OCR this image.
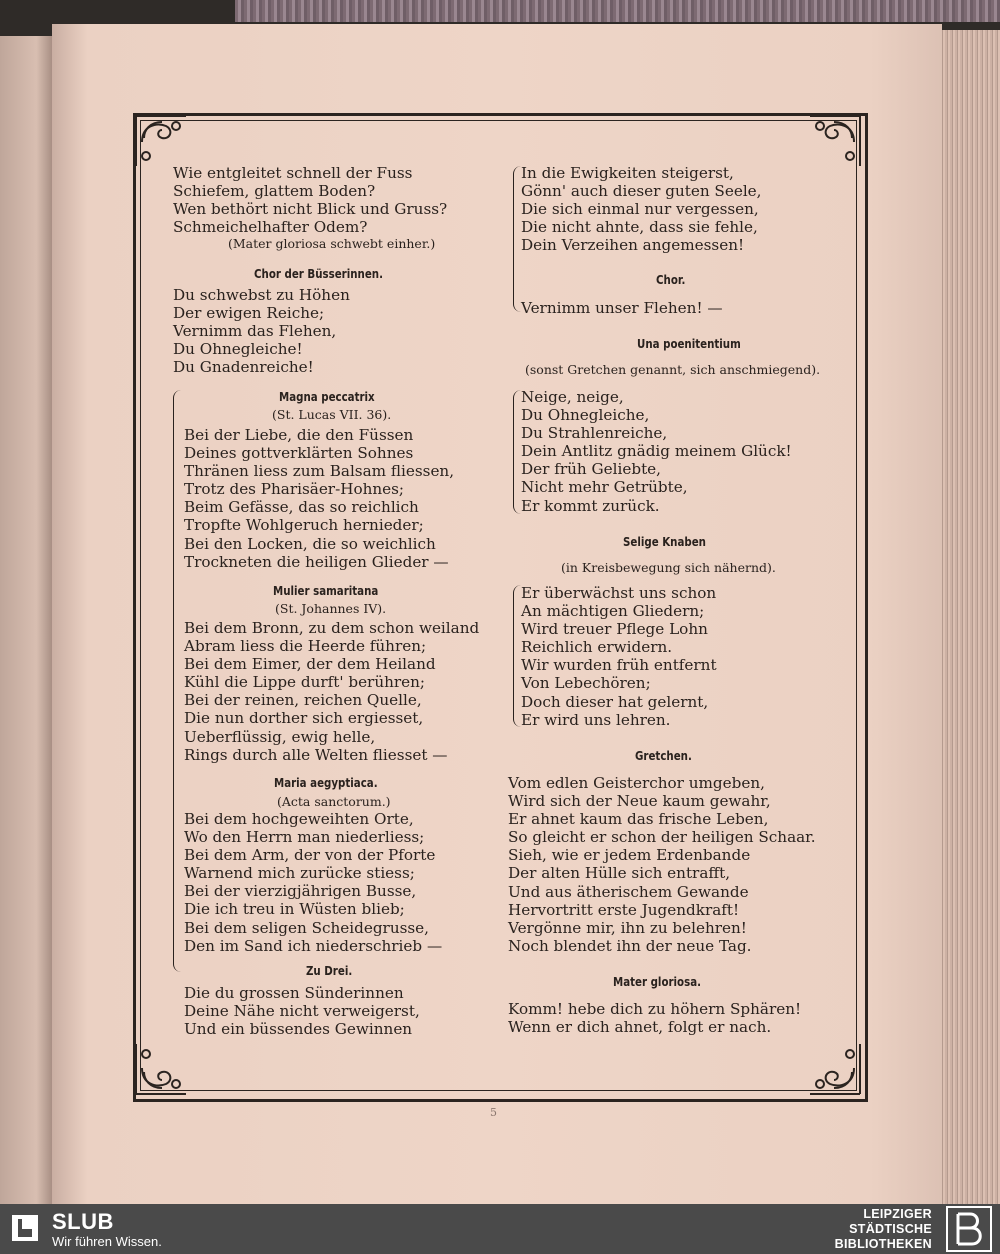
Wie entgleitet schnell der Fuss
Schiefem, glattem Boden?
Wen bethört nicht Blick und Gruss?
Schmeichelhafter Odem?
(Mater gloriosa schwebt einher.)
Chor der Büsserinnen.
Du schwebst zu Höhen
Der ewigen Reiche;
Vernimm das Flehen,
Du Ohnegleiche!
Du Gnadenreiche!
Magna peccatrix
(St. Lucas VII. 36).
Bei der Liebe, die den Füssen
Deines gottverklärten Sohnes
Thränen liess zum Balsam fliessen,
Trotz des Pharisäer-Hohnes;
Beim Gefässe, das so reichlich
Tropfte Wohlgeruch hernieder;
Bei den Locken, die so weichlich
Trockneten die heiligen Glieder —
Mulier samaritana
(St. Johannes IV).
Bei dem Bronn, zu dem schon weiland
Abram liess die Heerde führen;
Bei dem Eimer, der dem Heiland
Kühl die Lippe durft' berühren;
Bei der reinen, reichen Quelle,
Die nun dorther sich ergiesset,
Ueberflüssig, ewig helle,
Rings durch alle Welten fliesset —
Maria aegyptiaca.
(Acta sanctorum.)
Bei dem hochgeweihten Orte,
Wo den Herrn man niederliess;
Bei dem Arm, der von der Pforte
Warnend mich zurücke stiess;
Bei der vierzigjährigen Busse,
Die ich treu in Wüsten blieb;
Bei dem seligen Scheidegrusse,
Den im Sand ich niederschrieb —
Zu Drei.
Die du grossen Sünderinnen
Deine Nähe nicht verweigerst,
Und ein büssendes Gewinnen
In die Ewigkeiten steigerst,
Gönn' auch dieser guten Seele,
Die sich einmal nur vergessen,
Die nicht ahnte, dass sie fehle,
Dein Verzeihen angemessen!
Chor.
Vernimm unser Flehen! —
Una poenitentium
(sonst Gretchen genannt, sich anschmiegend).
Neige, neige,
Du Ohnegleiche,
Du Strahlenreiche,
Dein Antlitz gnädig meinem Glück!
Der früh Geliebte,
Nicht mehr Getrübte,
Er kommt zurück.
Selige Knaben
(in Kreisbewegung sich nähernd).
Er überwächst uns schon
An mächtigen Gliedern;
Wird treuer Pflege Lohn
Reichlich erwidern.
Wir wurden früh entfernt
Von Lebechören;
Doch dieser hat gelernt,
Er wird uns lehren.
Gretchen.
Vom edlen Geisterchor umgeben,
Wird sich der Neue kaum gewahr,
Er ahnet kaum das frische Leben,
So gleicht er schon der heiligen Schaar.
Sieh, wie er jedem Erdenbande
Der alten Hülle sich entrafft,
Und aus ätherischem Gewande
Hervortritt erste Jugendkraft!
Vergönne mir, ihn zu belehren!
Noch blendet ihn der neue Tag.
Mater gloriosa.
Komm! hebe dich zu höhern Sphären!
Wenn er dich ahnet, folgt er nach.
5
SLUB
Wir führen Wissen.
LEIPZIGER
STÄDTISCHE
BIBLIOTHEKEN
